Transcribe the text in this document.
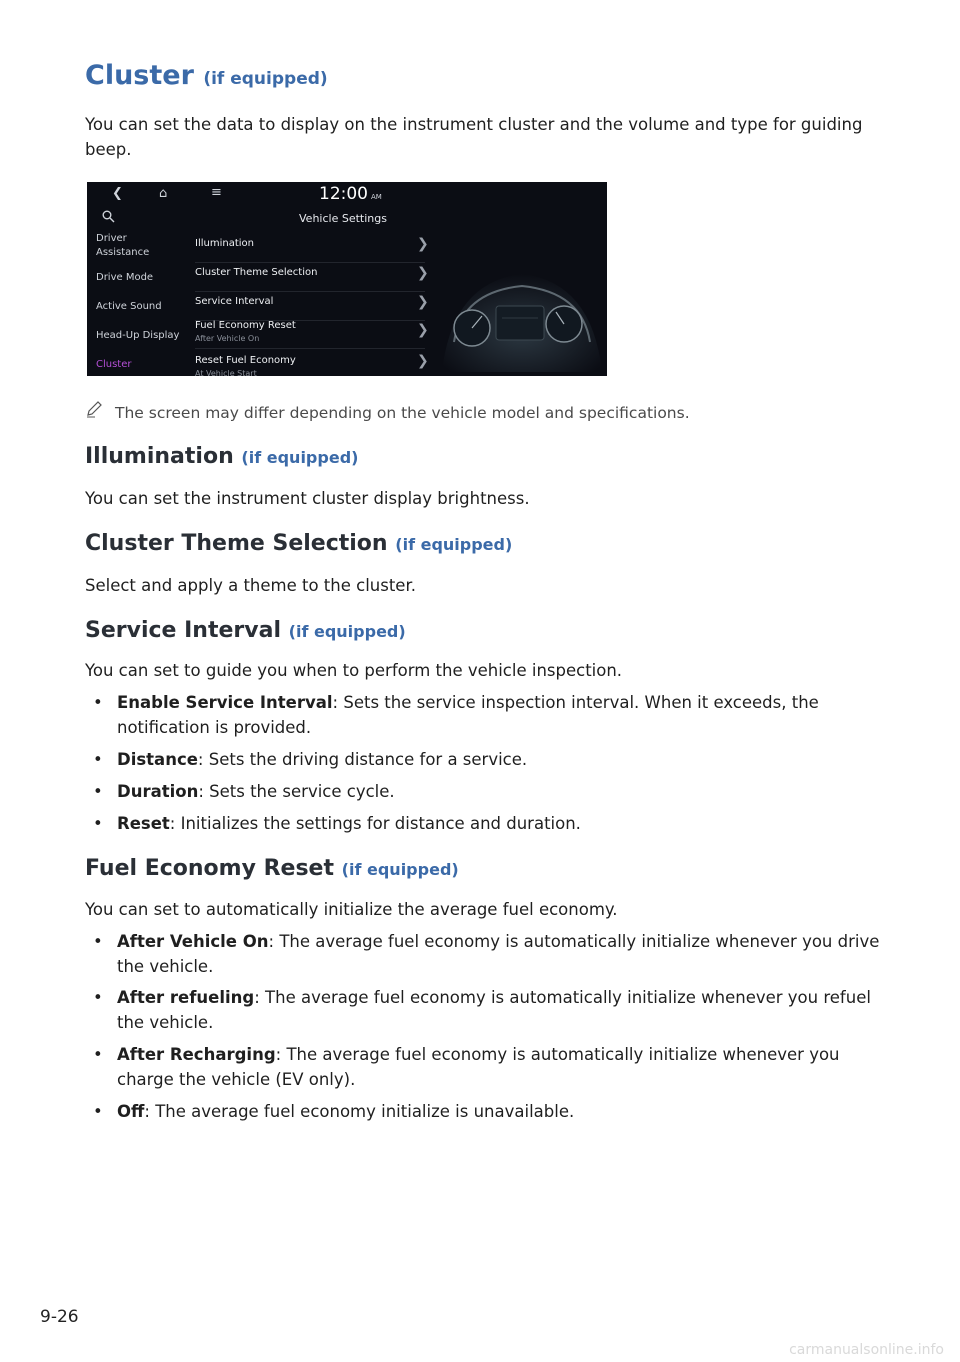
Cluster (if equipped)

You can set the data to display on the instrument cluster and the volume and type for guiding beep.

❮	⌂	≡	12:00 AM
Vehicle Settings
Driver
Assistance
Drive Mode
Active Sound
Head-Up Display
Cluster
Illumination	❯
Cluster Theme Selection	❯
Service Interval	❯
Fuel Economy Reset
After Vehicle On
❯
Reset Fuel Economy
At Vehicle Start
❯
The screen may differ depending on the vehicle model and specifications.
Illumination (if equipped)

You can set the instrument cluster display brightness.

Cluster Theme Selection (if equipped)

Select and apply a theme to the cluster.

Service Interval (if equipped)

You can set to guide you when to perform the vehicle inspection.

• Enable Service Interval: Sets the service inspection interval. When it exceeds, the notification is provided.
• Distance: Sets the driving distance for a service.
• Duration: Sets the service cycle.
• Reset: Initializes the settings for distance and duration.
Fuel Economy Reset (if equipped)

You can set to automatically initialize the average fuel economy.

• After Vehicle On: The average fuel economy is automatically initialize whenever you drive the vehicle.
• After refueling: The average fuel economy is automatically initialize whenever you refuel the vehicle.
• After Recharging: The average fuel economy is automatically initialize whenever you charge the vehicle (EV only).
• Off: The average fuel economy initialize is unavailable.
9-26
carmanualsonline.info
